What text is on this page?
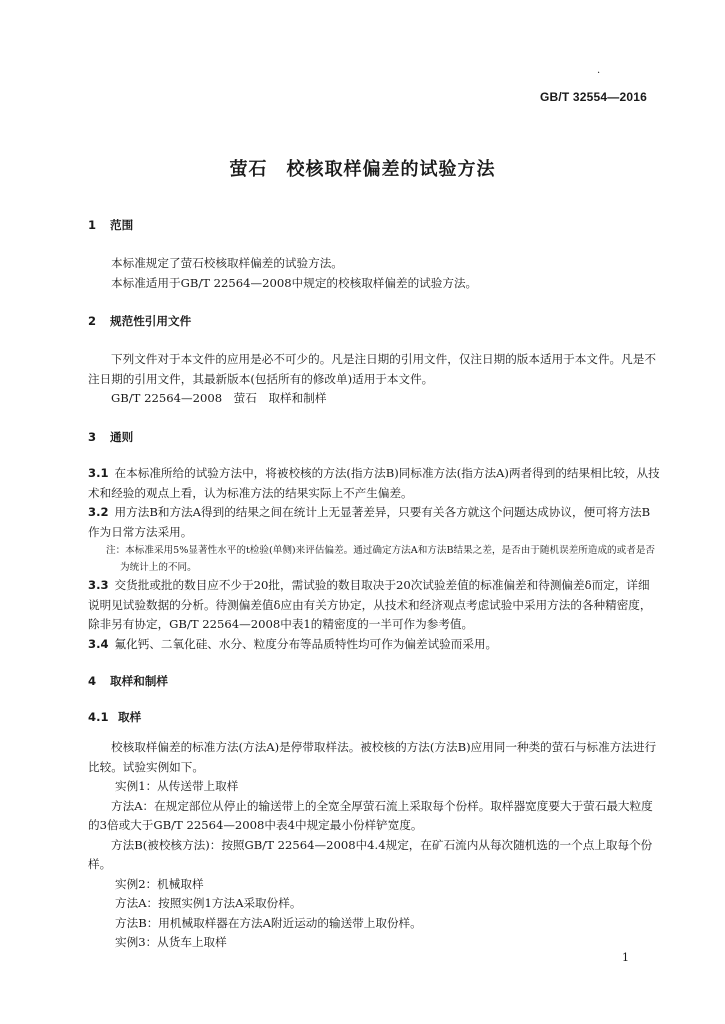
.
GB/T 32554—2016
萤石　校核取样偏差的试验方法
1 范围
本标准规定了萤石校核取样偏差的试验方法。
本标准适用于GB/T 22564—2008中规定的校核取样偏差的试验方法。
2 规范性引用文件
下列文件对于本文件的应用是必不可少的。凡是注日期的引用文件，仅注日期的版本适用于本文件。凡是不注日期的引用文件，其最新版本(包括所有的修改单)适用于本文件。
GB/T 22564—2008　萤石　取样和制样
3 通则
3.1 在本标准所给的试验方法中，将被校核的方法(指方法B)同标准方法(指方法A)两者得到的结果相比较，从技术和经验的观点上看，认为标准方法的结果实际上不产生偏差。
3.2 用方法B和方法A得到的结果之间在统计上无显著差异，只要有关各方就这个问题达成协议，便可将方法B作为日常方法采用。
注：本标准采用5%显著性水平的t检验(单侧)来评估偏差。通过确定方法A和方法B结果之差，是否由于随机误差所造成的或者是否为统计上的不同。
3.3 交货批或批的数目应不少于20批，需试验的数目取决于20次试验差值的标准偏差和待测偏差δ而定，详细说明见试验数据的分析。待测偏差值δ应由有关方协定，从技术和经济观点考虑试验中采用方法的各种精密度，除非另有协定，GB/T 22564—2008中表1的精密度的一半可作为参考值。
3.4 氟化钙、二氧化硅、水分、粒度分布等品质特性均可作为偏差试验而采用。
4 取样和制样
4.1 取样
校核取样偏差的标准方法(方法A)是停带取样法。被校核的方法(方法B)应用同一种类的萤石与标准方法进行比较。试验实例如下。
实例1：从传送带上取样
方法A：在规定部位从停止的输送带上的全宽全厚萤石流上采取每个份样。取样器宽度要大于萤石最大粒度的3倍或大于GB/T 22564—2008中表4中规定最小份样铲宽度。
方法B(被校核方法)：按照GB/T 22564—2008中4.4规定，在矿石流内从每次随机选的一个点上取每个份样。
实例2：机械取样
方法A：按照实例1方法A采取份样。
方法B：用机械取样器在方法A附近运动的输送带上取份样。
实例3：从货车上取样
1
